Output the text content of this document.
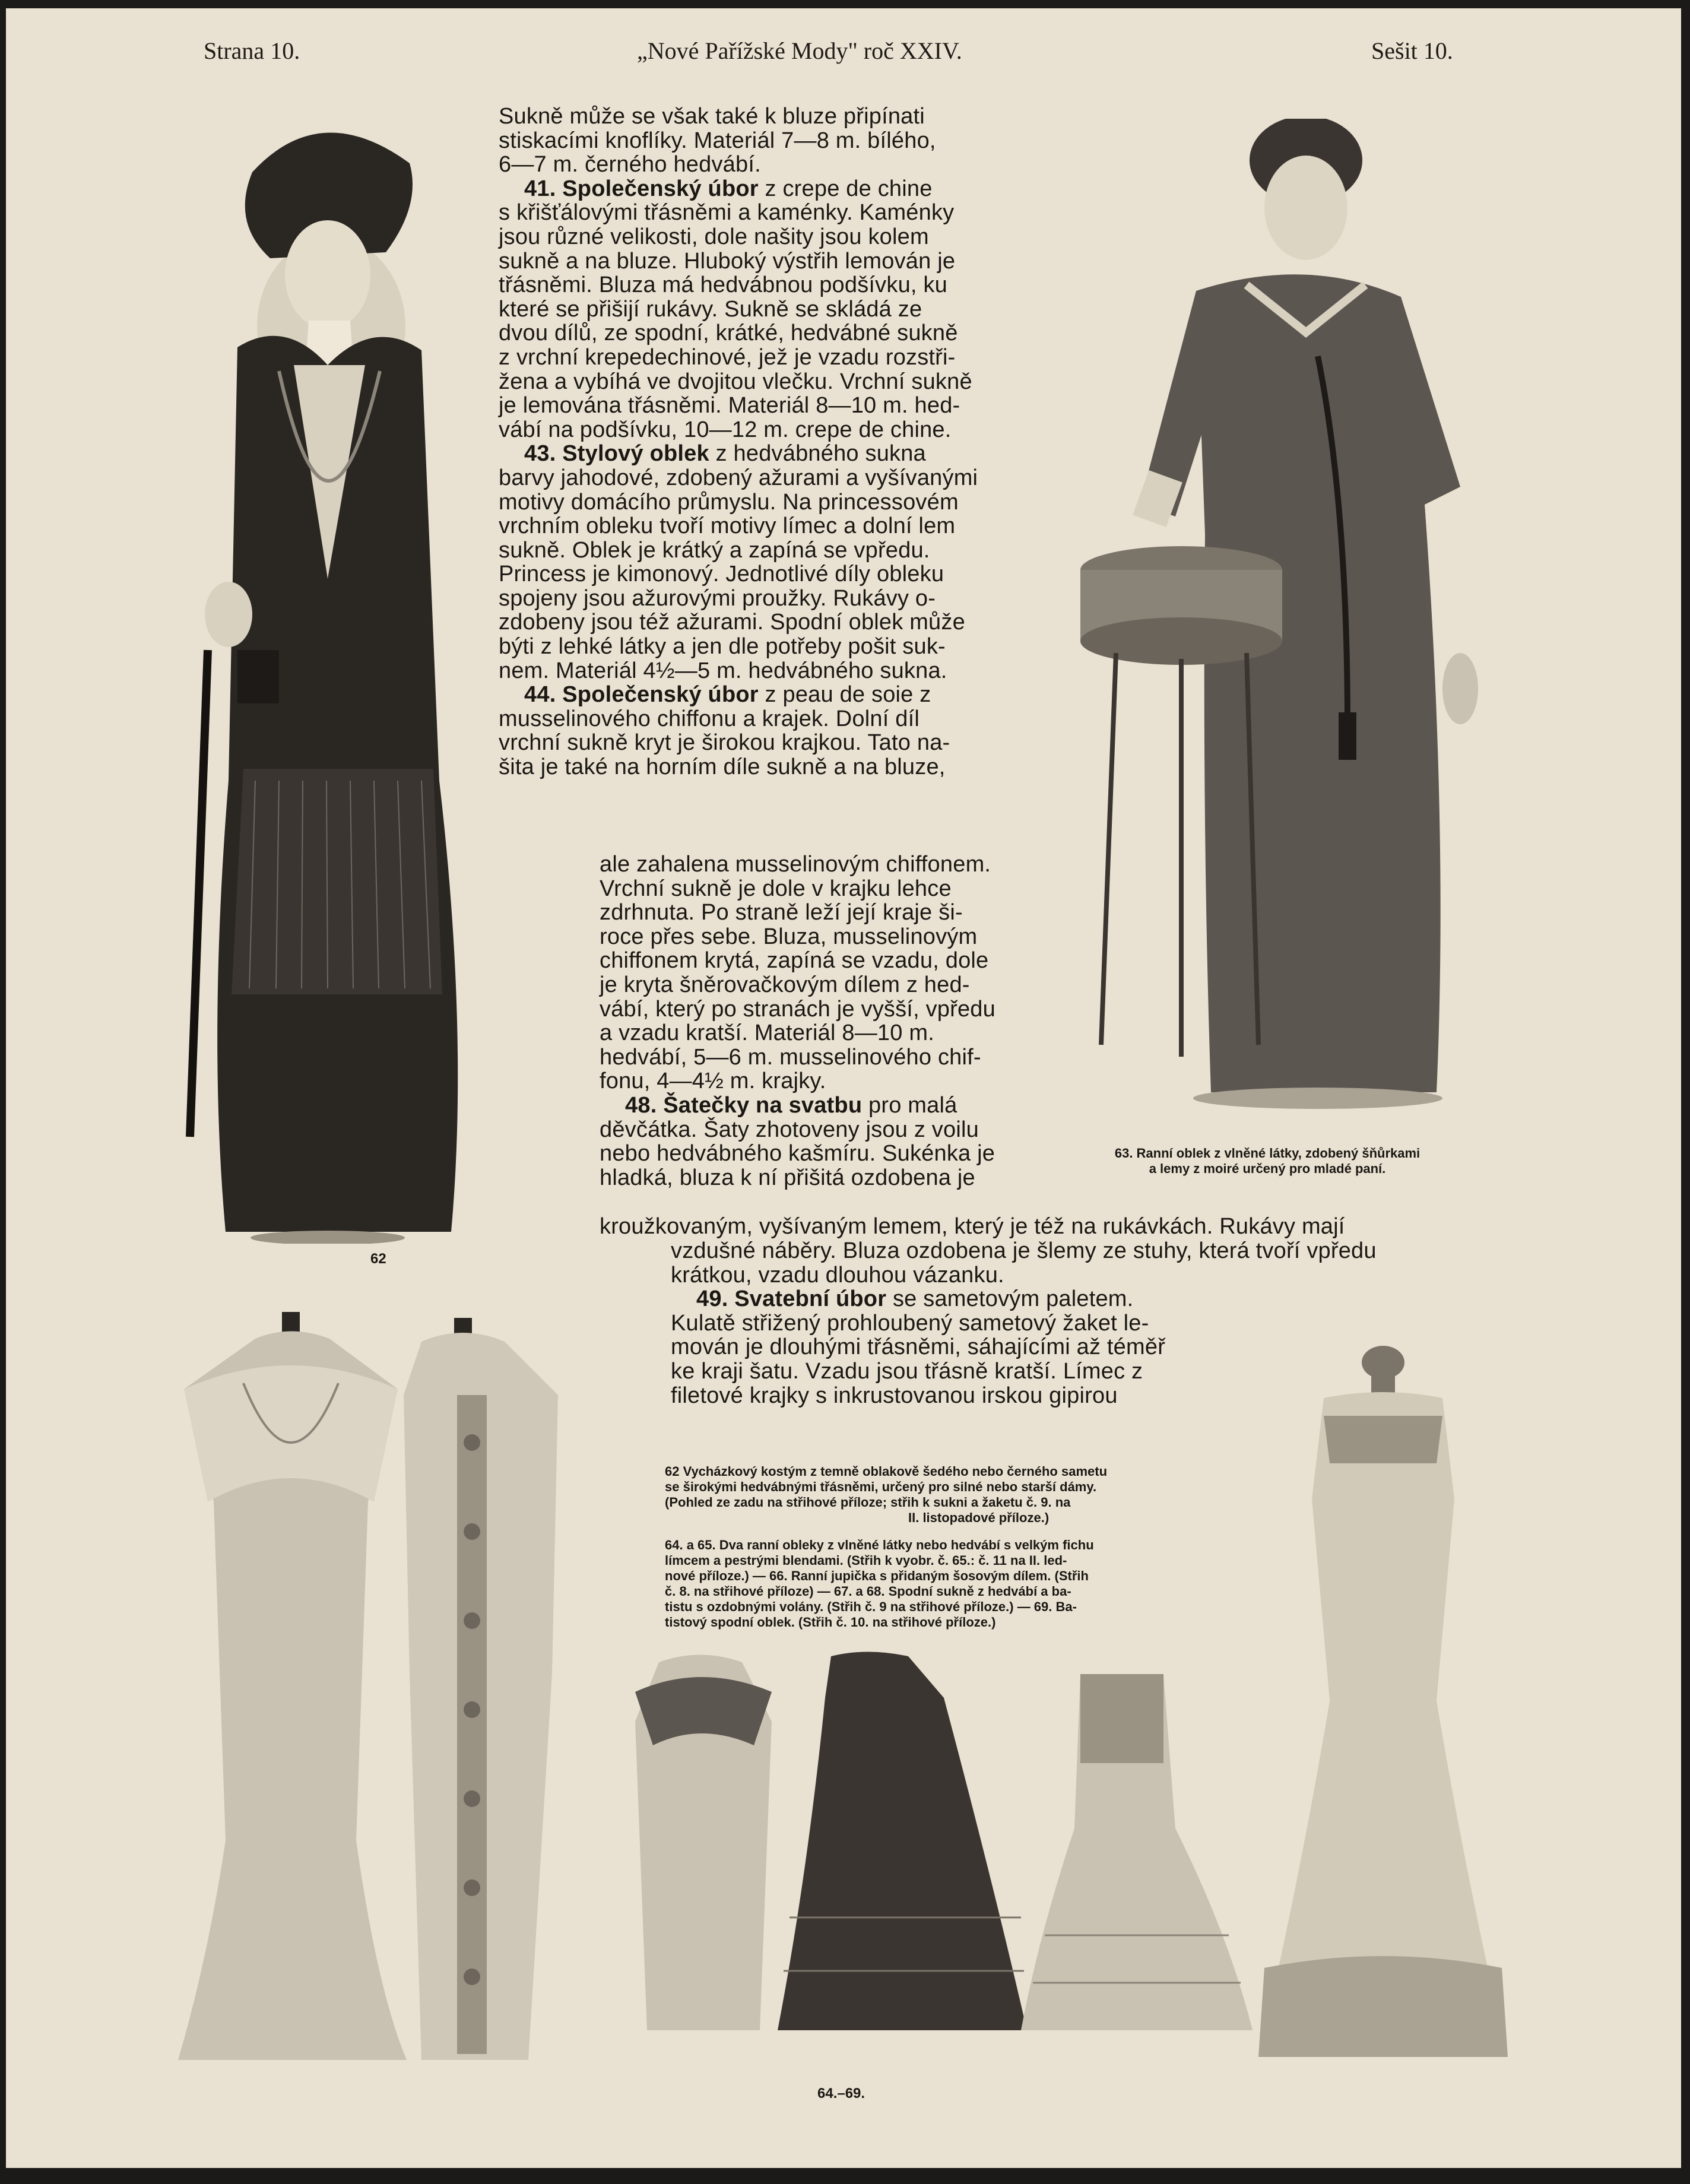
Strana 10.	„Nové Pařížské Mody" roč XXIV.	Sešit 10.
62
63. Ranní oblek z vlněné látky, zdobený šňůrkami
a lemy z moiré určený pro mladé paní.
Sukně může se však také k bluze připínati
stiskacími knoflíky. Materiál 7—8 m. bílého,
6—7 m. černého hedvábí.
41. Společenský úbor z crepe de chine
s křišťálovými třásněmi a kaménky. Kaménky
jsou různé velikosti, dole našity jsou kolem
sukně a na bluze. Hluboký výstřih lemován je
třásněmi. Bluza má hedvábnou podšívku, ku
které se přišijí rukávy. Sukně se skládá ze
dvou dílů, ze spodní, krátké, hedvábné sukně
z vrchní krepedechinové, jež je vzadu rozstři-
žena a vybíhá ve dvojitou vlečku. Vrchní sukně
je lemována třásněmi. Materiál 8—10 m. hed-
vábí na podšívku, 10—12 m. crepe de chine.
43. Stylový oblek z hedvábného sukna
barvy jahodové, zdobený ažurami a vyšívanými
motivy domácího průmyslu. Na princessovém
vrchním obleku tvoří motivy límec a dolní lem
sukně. Oblek je krátký a zapíná se vpředu.
Princess je kimonový. Jednotlivé díly obleku
spojeny jsou ažurovými proužky. Rukávy o-
zdobeny jsou též ažurami. Spodní oblek může
býti z lehké látky a jen dle potřeby pošit suk-
nem. Materiál 4½—5 m. hedvábného sukna.
44. Společenský úbor z peau de soie z
musselinového chiffonu a krajek. Dolní díl
vrchní sukně kryt je širokou krajkou. Tato na-
šita je také na horním díle sukně a na bluze,
ale zahalena musselinovým chiffonem.
Vrchní sukně je dole v krajku lehce
zdrhnuta. Po straně leží její kraje ši-
roce přes sebe. Bluza, musselinovým
chiffonem krytá, zapíná se vzadu, dole
je kryta šněrovačkovým dílem z hed-
vábí, který po stranách je vyšší, vpředu
a vzadu kratší. Materiál 8—10 m.
hedvábí, 5—6 m. musselinového chif-
fonu, 4—4½ m. krajky.
48. Šatečky na svatbu pro malá
děvčátka. Šaty zhotoveny jsou z voilu
nebo hedvábného kašmíru. Sukénka je
hladká, bluza k ní přišitá ozdobena je
kroužkovaným, vyšívaným lemem, který je též na rukávkách. Rukávy mají
vzdušné náběry. Bluza ozdobena je šlemy ze stuhy, která tvoří vpředu
krátkou, vzadu dlouhou vázanku.
49. Svatební úbor se sametovým paletem.
Kulatě střižený prohloubený sametový žaket le-
mován je dlouhými třásněmi, sáhajícími až téměř
ke kraji šatu. Vzadu jsou třásně kratší. Límec z
filetové krajky s inkrustovanou irskou gipirou
62 Vycházkový kostým z temně oblakově šedého nebo černého sametu
se širokými hedvábnými třásněmi, určený pro silné nebo starší dámy.
(Pohled ze zadu na střihové příloze; střih k sukni a žaketu č. 9. na
II. listopadové příloze.)
64. a 65. Dva ranní obleky z vlněné látky nebo hedvábí s velkým fichu
límcem a pestrými blendami. (Střih k vyobr. č. 65.: č. 11 na II. led-
nové příloze.) — 66. Ranní jupička s přidaným šosovým dílem. (Střih
č. 8. na střihové příloze) — 67. a 68. Spodní sukně z hedvábí a ba-
tistu s ozdobnými volány. (Střih č. 9 na střihové příloze.) — 69. Ba-
tistový spodní oblek. (Střih č. 10. na střihové příloze.)
64.–69.
